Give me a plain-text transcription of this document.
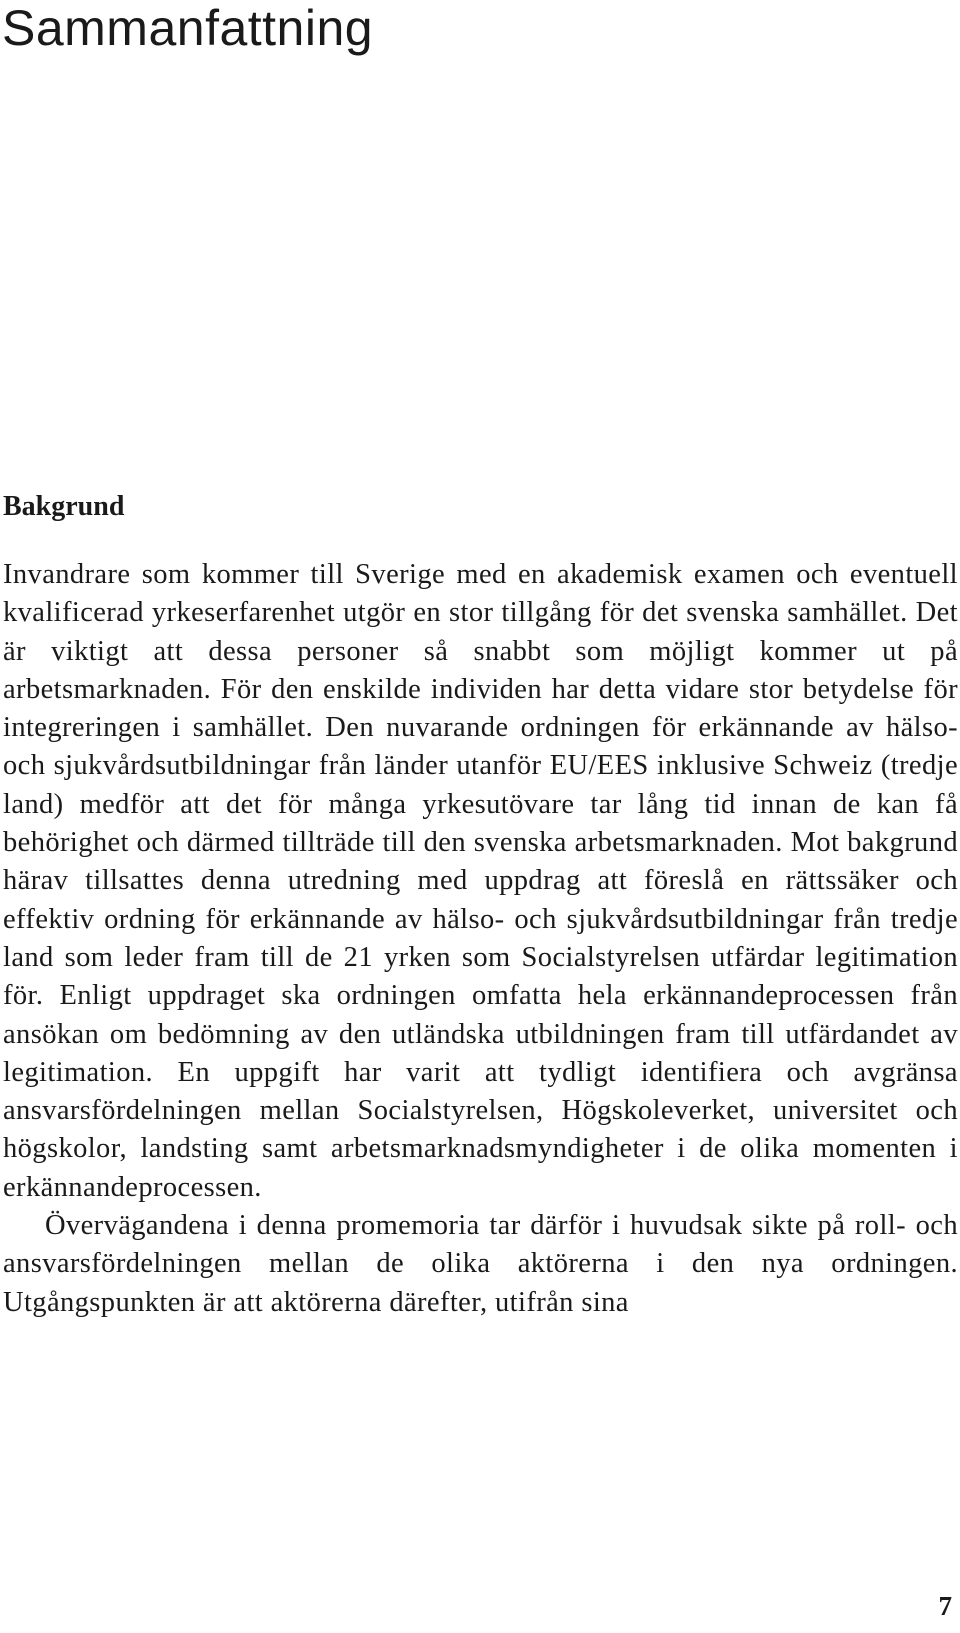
Sammanfattning
Bakgrund

Invandrare som kommer till Sverige med en akademisk examen och eventuell kvalificerad yrkeserfarenhet utgör en stor tillgång för det svenska samhället. Det är viktigt att dessa personer så snabbt som möjligt kommer ut på arbetsmarknaden. För den enskilde individen har detta vidare stor betydelse för integreringen i samhället. Den nuvarande ordningen för erkännande av hälso- och sjukvårdsutbildningar från länder utanför EU/EES inklusive Schweiz (tredje land) medför att det för många yrkesutövare tar lång tid innan de kan få behörighet och därmed tillträde till den svenska arbetsmarknaden. Mot bakgrund härav tillsattes denna utredning med uppdrag att föreslå en rättssäker och effektiv ordning för erkännande av hälso- och sjukvårdsutbildningar från tredje land som leder fram till de 21 yrken som Socialstyrelsen utfärdar legitimation för. Enligt uppdraget ska ordningen omfatta hela erkännandeprocessen från ansökan om bedömning av den utländska utbildningen fram till utfärdandet av legitimation. En uppgift har varit att tydligt identifiera och avgränsa ansvarsfördelningen mellan Socialstyrelsen, Högskoleverket, universitet och högskolor, landsting samt arbetsmarknadsmyndigheter i de olika momenten i erkännandeprocessen.

Övervägandena i denna promemoria tar därför i huvudsak sikte på roll- och ansvarsfördelningen mellan de olika aktörerna i den nya ordningen. Utgångspunkten är att aktörerna därefter, utifrån sina

7
